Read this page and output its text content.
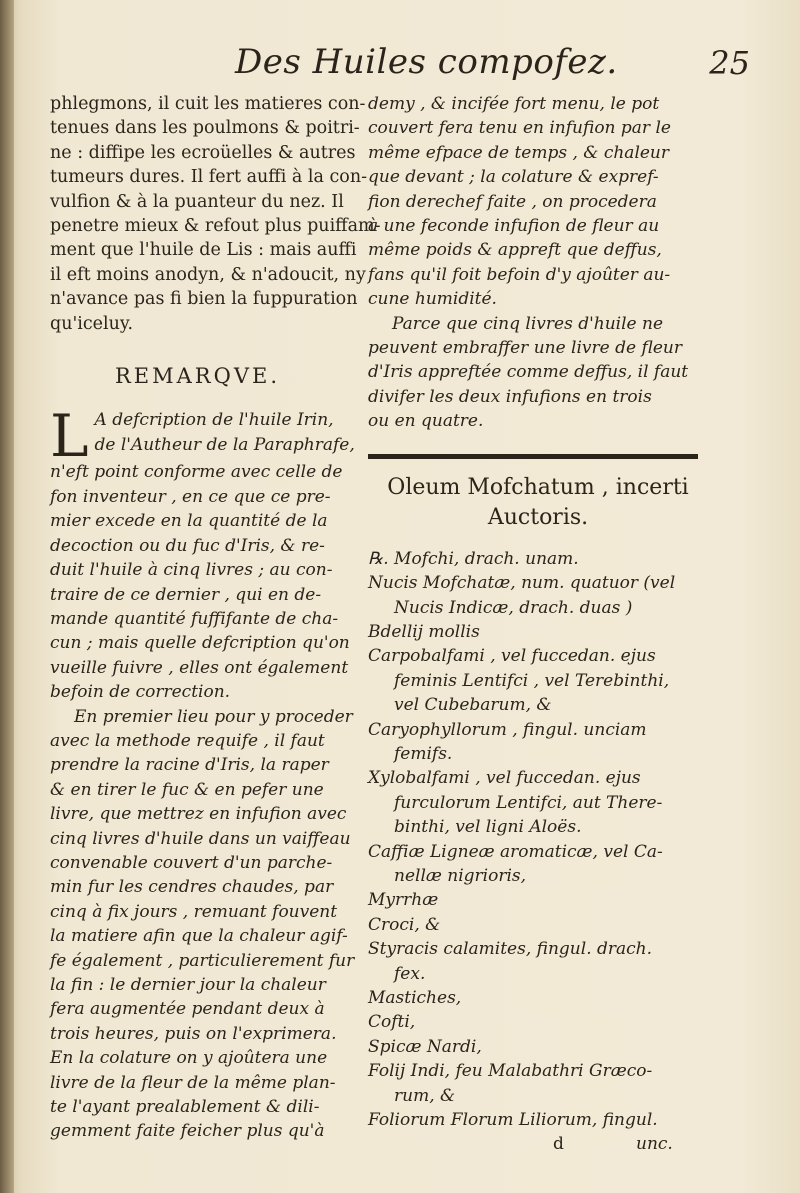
Des Huiles compofez.	25
phlegmons, il cuit les matieres con-
tenues dans les poulmons & poitri-
ne : diffipe les ecroüelles & autres
tumeurs dures. Il fert auffi à la con-
vulfion & à la puanteur du nez. Il
penetre mieux & refout plus puiffam-
ment que l'huile de Lis : mais auffi
il eft moins anodyn, & n'adoucit, ny
n'avance pas fi bien la fuppuration
qu'iceluy.
REMARQVE.
L A defcription de l'huile Irin,
de l'Autheur de la Paraphrafe,
n'eft point conforme avec celle de
fon inventeur , en ce que ce pre-
mier excede en la quantité de la
decoction ou du fuc d'Iris, & re-
duit l'huile à cinq livres ; au con-
traire de ce dernier , qui en de-
mande quantité fuffifante de cha-
cun ; mais quelle defcription qu'on
vueille fuivre , elles ont également
befoin de correction.
En premier lieu pour y proceder
avec la methode requife , il faut
prendre la racine d'Iris, la raper
& en tirer le fuc & en pefer une
livre, que mettrez en infufion avec
cinq livres d'huile dans un vaiffeau
convenable couvert d'un parche-
min fur les cendres chaudes, par
cinq à fix jours , remuant fouvent
la matiere afin que la chaleur agif-
fe également , particulierement fur
la fin : le dernier jour la chaleur
fera augmentée pendant deux à
trois heures, puis on l'exprimera.
En la colature on y ajoûtera une
livre de la fleur de la même plan-
te l'ayant prealablement & dili-
gemment faite feicher plus qu'à
demy , & incifée fort menu, le pot
couvert fera tenu en infufion par le
même efpace de temps , & chaleur
que devant ; la colature & expref-
fion derechef faite , on procedera
à une feconde infufion de fleur au
même poids & appreft que deffus,
fans qu'il foit befoin d'y ajoûter au-
cune humidité.
Parce que cinq livres d'huile ne
peuvent embraffer une livre de fleur
d'Iris appreftée comme deffus, il faut
divifer les deux infufions en trois
ou en quatre.
Oleum Mofchatum , incerti
Auctoris.
℞. Mofchi, drach. unam.
Nucis Mofchatæ, num. quatuor (vel
Nucis Indicæ, drach. duas )
Bdellij mollis
Carpobalfami , vel fuccedan. ejus
feminis Lentifci , vel Terebinthi,
vel Cubebarum, &
Caryophyllorum , fingul. unciam
femifs.
Xylobalfami , vel fuccedan. ejus
furculorum Lentifci, aut There-
binthi, vel ligni Aloës.
Caffiæ Ligneæ aromaticæ, vel Ca-
nellæ nigrioris,
Myrrhæ
Croci, &
Styracis calamites, fingul. drach.
fex.
Mastiches,
Cofti,
Spicæ Nardi,
Folij Indi, feu Malabathri Græco-
rum, &
Foliorum Florum Liliorum, fingul.
d	unc.
